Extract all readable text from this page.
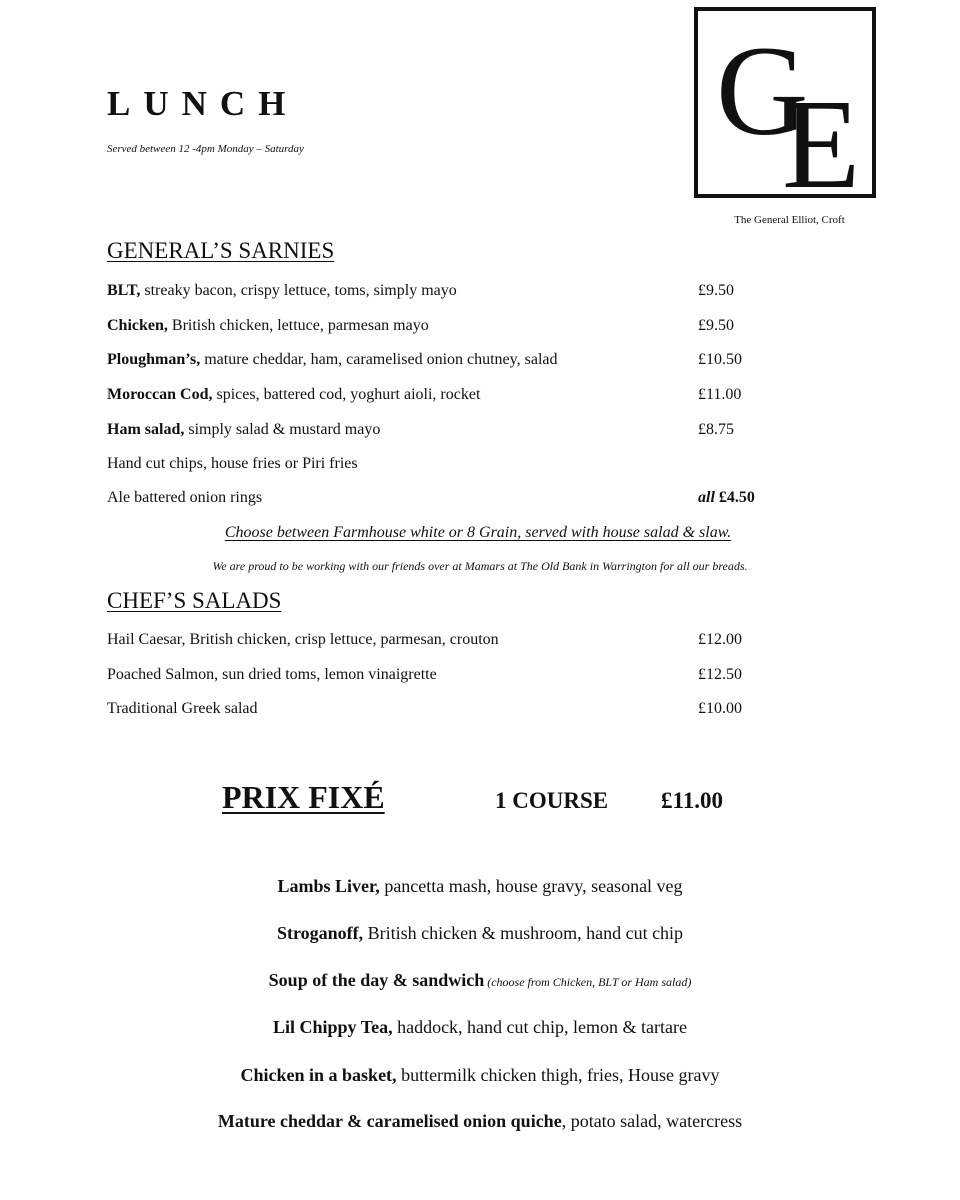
LUNCH
Served between 12 -4pm Monday – Saturday	G
E
The General Elliot, Croft
GENERAL’S SARNIES
BLT, streaky bacon, crispy lettuce, toms, simply mayo	£9.50
Chicken, British chicken, lettuce, parmesan mayo	£9.50
Ploughman’s, mature cheddar, ham, caramelised onion chutney, salad	£10.50
Moroccan Cod, spices, battered cod, yoghurt aioli, rocket	£11.00
Ham salad, simply salad & mustard mayo	£8.75
Hand cut chips, house fries or Piri fries
Ale battered onion rings	all £4.50
Choose between Farmhouse white or 8 Grain, served with house salad & slaw.
We are proud to be working with our friends over at Mamars at The Old Bank in Warrington for all our breads.
CHEF’S SALADS
Hail Caesar, British chicken, crisp lettuce, parmesan, crouton	£12.00
Poached Salmon, sun dried toms, lemon vinaigrette	£12.50
Traditional Greek salad	£10.00
PRIX FIXÉ	1 COURSE £11.00
Lambs Liver, pancetta mash, house gravy, seasonal veg
Stroganoff, British chicken & mushroom, hand cut chip
Soup of the day & sandwich (choose from Chicken, BLT or Ham salad)
Lil Chippy Tea, haddock, hand cut chip, lemon & tartare
Chicken in a basket, buttermilk chicken thigh, fries, House gravy
Mature cheddar & caramelised onion quiche, potato salad, watercress
